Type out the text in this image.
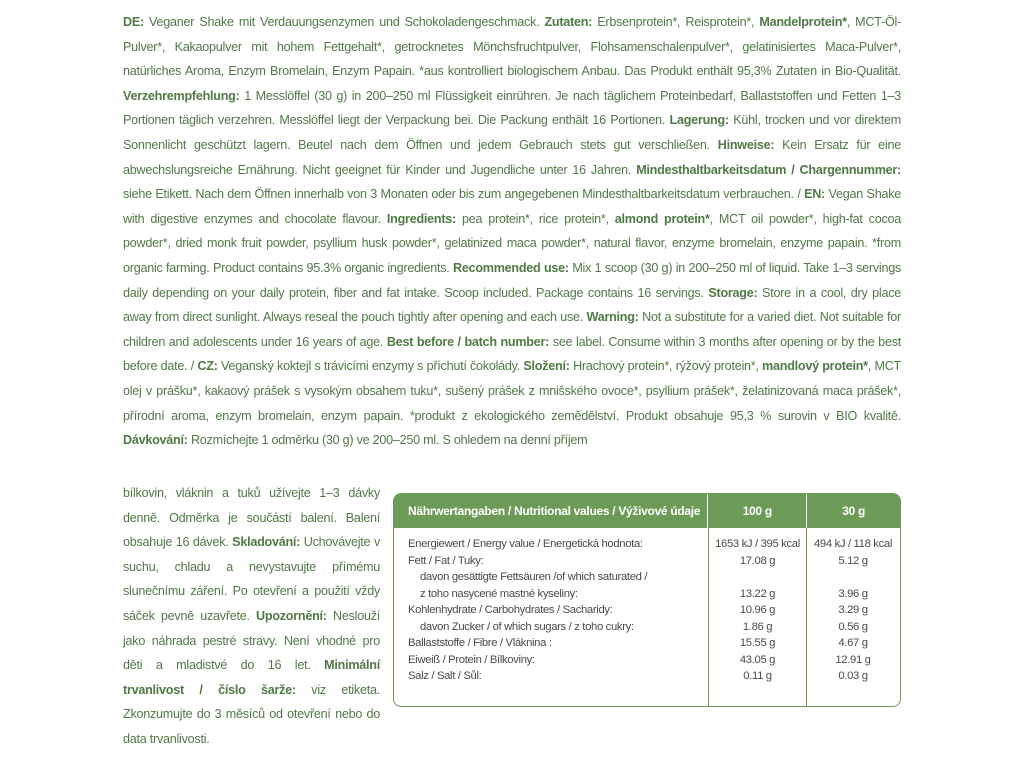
DE: Veganer Shake mit Verdauungsenzymen und Schokoladengeschmack. Zutaten: Erbsenprotein*, Reisprotein*, Mandelprotein*, MCT-Öl-Pulver*, Kakaopulver mit hohem Fettgehalt*, getrocknetes Mönchsfruchtpulver, Flohsamenschalenpulver*, gelatinisiertes Maca-Pulver*, natürliches Aroma, Enzym Bromelain, Enzym Papain. *aus kontrolliert biologischem Anbau. Das Produkt enthält 95,3% Zutaten in Bio-Qualität. Verzehrempfehlung: 1 Messlöffel (30 g) in 200–250 ml Flüssigkeit einrühren. Je nach täglichem Proteinbedarf, Ballaststoffen und Fetten 1–3 Portionen täglich verzehren. Messlöffel liegt der Verpackung bei. Die Packung enthält 16 Portionen. Lagerung: Kühl, trocken und vor direktem Sonnenlicht geschützt lagern. Beutel nach dem Öffnen und jedem Gebrauch stets gut verschließen. Hinweise: Kein Ersatz für eine abwechslungsreiche Ernährung. Nicht geeignet für Kinder und Jugendliche unter 16 Jahren. Mindesthaltbarkeitsdatum / Chargennummer: siehe Etikett. Nach dem Öffnen innerhalb von 3 Monaten oder bis zum angegebenen Mindesthaltbarkeitsdatum verbrauchen. / EN: Vegan Shake with digestive enzymes and chocolate flavour. Ingredients: pea protein*, rice protein*, almond protein*, MCT oil powder*, high-fat cocoa powder*, dried monk fruit powder, psyllium husk powder*, gelatinized maca powder*, natural flavor, enzyme bromelain, enzyme papain. *from organic farming. Product contains 95.3% organic ingredients. Recommended use: Mix 1 scoop (30 g) in 200–250 ml of liquid. Take 1–3 servings daily depending on your daily protein, fiber and fat intake. Scoop included. Package contains 16 servings. Storage: Store in a cool, dry place away from direct sunlight. Always reseal the pouch tightly after opening and each use. Warning: Not a substitute for a varied diet. Not suitable for children and adolescents under 16 years of age. Best before / batch number: see label. Consume within 3 months after opening or by the best before date. / CZ: Veganský koktejl s trávicími enzymy s příchutí čokolády. Složení: Hrachový protein*, rýžový protein*, mandlový protein*, MCT olej v prášku*, kakaový prášek s vysokým obsahem tuku*, sušený prášek z mnišského ovoce*, psyllium prášek*, želatinizovaná maca prášek*, přírodní aroma, enzym bromelain, enzym papain. *produkt z ekologického zemědělství. Produkt obsahuje 95,3 % surovin v BIO kvalitě. Dávkování: Rozmíchejte 1 odměrku (30 g) ve 200–250 ml. S ohledem na denní příjem
bílkovin, vláknin a tuků užívejte 1–3 dávky denně. Odměrka je součástí balení. Balení obsahuje 16 dávek. Skladování: Uchovávejte v suchu, chladu a nevystavujte přímému slunečnímu záření. Po otevření a použití vždy sáček pevně uzavřete. Upozornění: Neslouží jako náhrada pestré stravy. Není vhodné pro děti a mladistvé do 16 let. Minimální trvanlivost / číslo šarže: viz etiketa. Zkonzumujte do 3 měsíců od otevření nebo do data trvanlivosti.
Nährwertangaben / Nutritional values / Výživové údaje	100 g	30 g
Energiewert / Energy value / Energetická hodnota:
Fett / Fat / Tuky:
davon gesättigte Fettsäuren /of which saturated /
z toho nasycené mastné kyseliny:
Kohlenhydrate / Carbohydrates / Sacharidy:
davon Zucker / of which sugars / z toho cukry:
Ballaststoffe / Fibre / Vláknina :
Eiweiß / Protein / Bílkoviny:
Salz / Salt / Sůl:
1653 kJ / 395 kcal
17.08 g
13.22 g
10.96 g
1.86 g
15.55 g
43.05 g
0.11 g
494 kJ / 118 kcal
5.12 g
3.96 g
3.29 g
0.56 g
4.67 g
12.91 g
0.03 g
